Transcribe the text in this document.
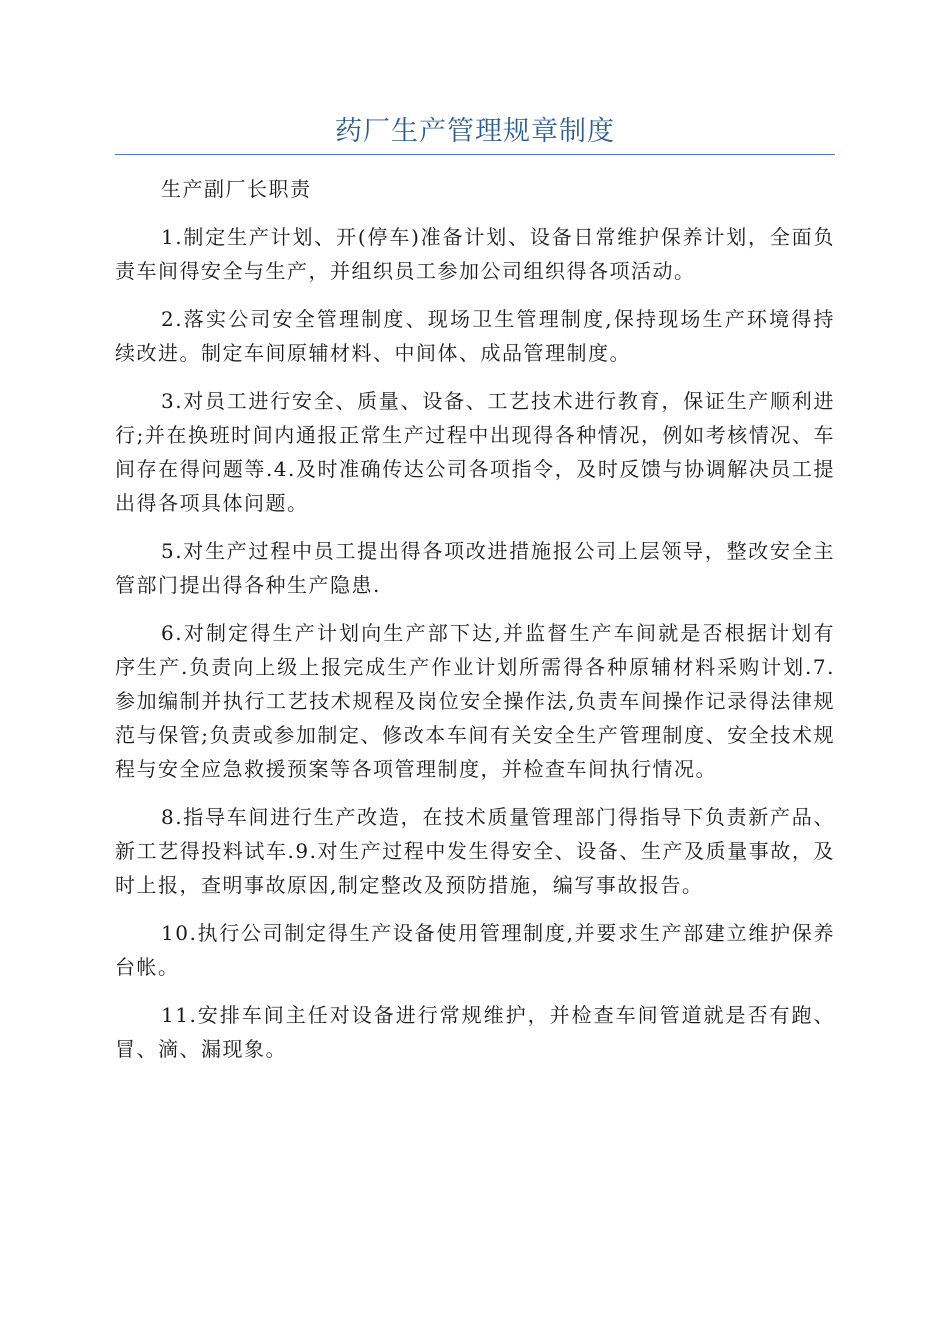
药厂生产管理规章制度

生产副厂长职责

1.制定生产计划、开(停车)准备计划、设备日常维护保养计划，全面负责车间得安全与生产，并组织员工参加公司组织得各项活动。

2.落实公司安全管理制度、现场卫生管理制度,保持现场生产环境得持续改进。制定车间原辅材料、中间体、成品管理制度。

3.对员工进行安全、质量、设备、工艺技术进行教育，保证生产顺利进行;并在换班时间内通报正常生产过程中出现得各种情况，例如考核情况、车间存在得问题等.4.及时准确传达公司各项指令，及时反馈与协调解决员工提出得各项具体问题。

5.对生产过程中员工提出得各项改进措施报公司上层领导，整改安全主管部门提出得各种生产隐患.

6.对制定得生产计划向生产部下达,并监督生产车间就是否根据计划有序生产.负责向上级上报完成生产作业计划所需得各种原辅材料采购计划.7.参加编制并执行工艺技术规程及岗位安全操作法,负责车间操作记录得法律规范与保管;负责或参加制定、修改本车间有关安全生产管理制度、安全技术规程与安全应急救援预案等各项管理制度，并检查车间执行情况。

8.指导车间进行生产改造，在技术质量管理部门得指导下负责新产品、新工艺得投料试车.9.对生产过程中发生得安全、设备、生产及质量事故，及时上报，查明事故原因,制定整改及预防措施，编写事故报告。

10.执行公司制定得生产设备使用管理制度,并要求生产部建立维护保养台帐。

11.安排车间主任对设备进行常规维护，并检查车间管道就是否有跑、冒、滴、漏现象。
